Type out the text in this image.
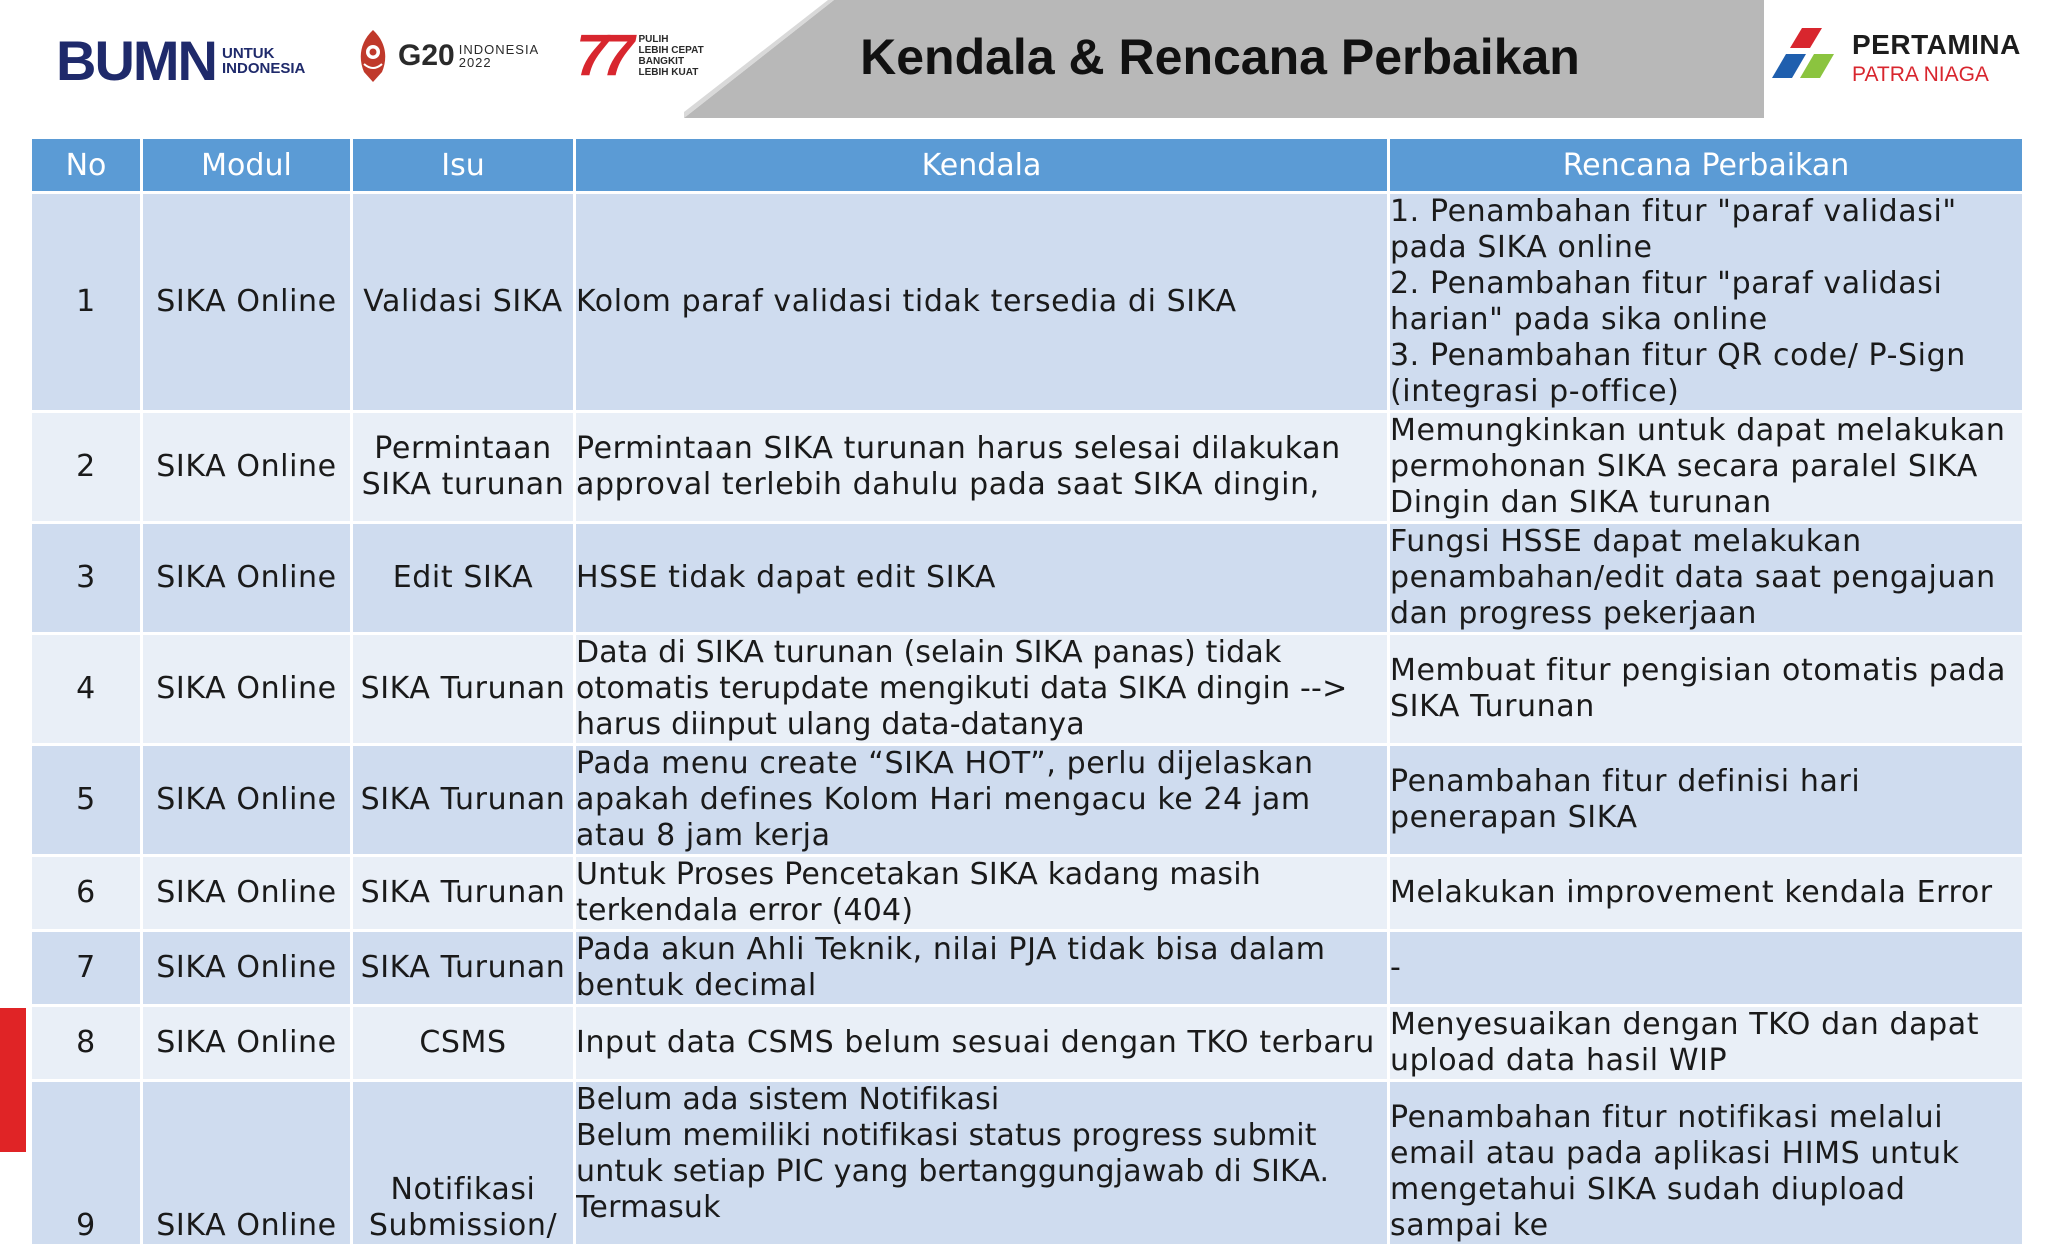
BUMN UNTUK
INDONESIA	G20 INDONESIA
2022	77 PULIH
LEBIH CEPAT
BANGKIT
LEBIH KUAT	Kendala & Rencana Perbaikan	PERTAMINA
PATRA NIAGA
No	Modul	Isu	Kendala	Rencana Perbaikan
1	SIKA Online	Validasi SIKA	Kolom paraf validasi tidak tersedia di SIKA	1. Penambahan fitur "paraf validasi" pada SIKA online
2. Penambahan fitur "paraf validasi harian" pada sika online
3. Penambahan fitur QR code/ P-Sign (integrasi p-office)
2	SIKA Online	Permintaan SIKA turunan	Permintaan SIKA turunan harus selesai dilakukan approval terlebih dahulu pada saat SIKA dingin,	Memungkinkan untuk dapat melakukan permohonan SIKA secara paralel SIKA Dingin dan SIKA turunan
3	SIKA Online	Edit SIKA	HSSE tidak dapat edit SIKA	Fungsi HSSE dapat melakukan penambahan/edit data saat pengajuan dan progress pekerjaan
4	SIKA Online	SIKA Turunan	Data di SIKA turunan (selain SIKA panas) tidak otomatis terupdate mengikuti data SIKA dingin --> harus diinput ulang data-datanya	Membuat fitur pengisian otomatis pada SIKA Turunan
5	SIKA Online	SIKA Turunan	Pada menu create “SIKA HOT”, perlu dijelaskan apakah defines Kolom Hari mengacu ke 24 jam atau 8 jam kerja	Penambahan fitur definisi hari penerapan SIKA
6	SIKA Online	SIKA Turunan	Untuk Proses Pencetakan SIKA kadang masih terkendala error (404)	Melakukan improvement kendala Error
7	SIKA Online	SIKA Turunan	Pada akun Ahli Teknik, nilai PJA tidak bisa dalam bentuk decimal	-
8	SIKA Online	CSMS	Input data CSMS belum sesuai dengan TKO terbaru	Menyesuaikan dengan TKO dan dapat upload data hasil WIP
9	SIKA Online	Notifikasi Submission/	Belum ada sistem Notifikasi
Belum memiliki notifikasi status progress submit untuk setiap PIC yang bertanggungjawab di SIKA. Termasuk	Penambahan fitur notifikasi melalui email atau pada aplikasi HIMS untuk mengetahui SIKA sudah diupload sampai ke
